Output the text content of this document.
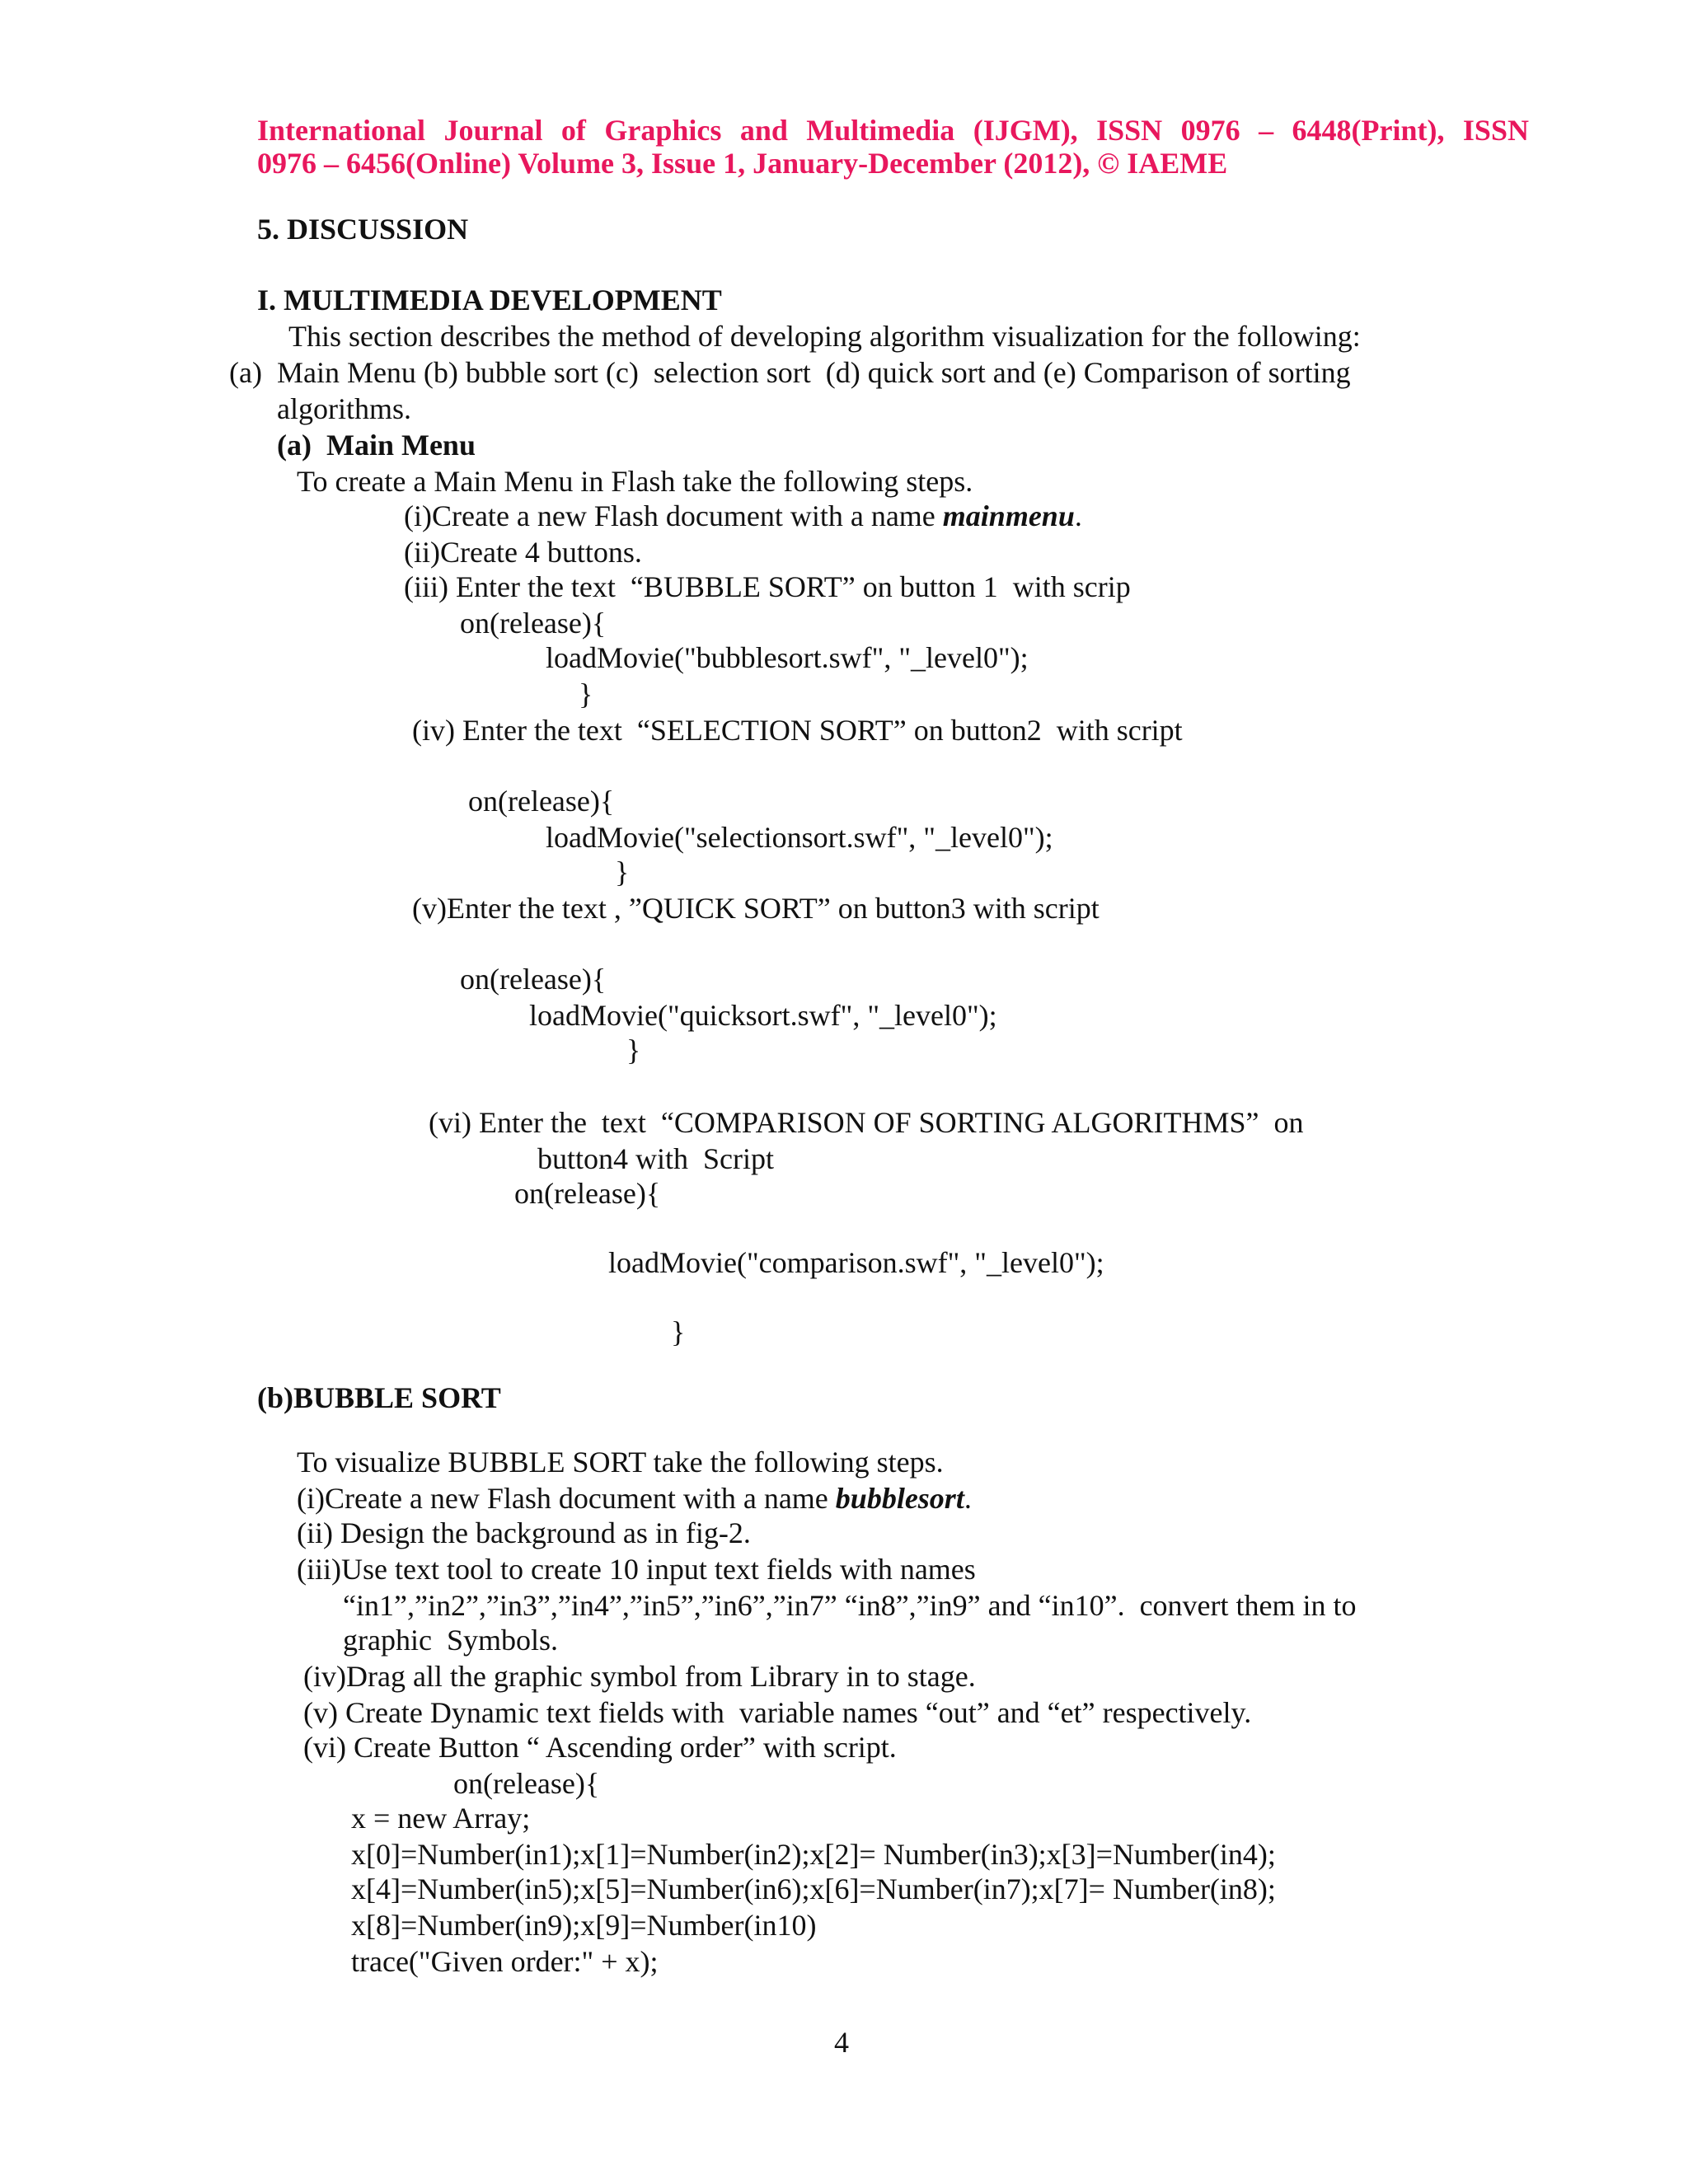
International Journal of Graphics and Multimedia (IJGM), ISSN 0976 – 6448(Print), ISSN
0976 – 6456(Online) Volume 3, Issue 1, January-December (2012), © IAEME
5. DISCUSSION
I. MULTIMEDIA DEVELOPMENT
This section describes the method of developing algorithm visualization for the following:
(a)  Main Menu (b) bubble sort (c)  selection sort  (d) quick sort and (e) Comparison of sorting
algorithms.
(a)  Main Menu
To create a Main Menu in Flash take the following steps.
(i)Create a new Flash document with a name mainmenu.
(ii)Create 4 buttons.
(iii) Enter the text  “BUBBLE SORT” on button 1  with scrip
on(release){
loadMovie("bubblesort.swf", "_level0");
}
(iv) Enter the text  “SELECTION SORT” on button2  with script
on(release){
loadMovie("selectionsort.swf", "_level0");
}
(v)Enter the text , ”QUICK SORT” on button3 with script
on(release){
loadMovie("quicksort.swf", "_level0");
}
(vi) Enter the  text  “COMPARISON OF SORTING ALGORITHMS”  on
button4 with  Script
on(release){
loadMovie("comparison.swf", "_level0");
}
(b)BUBBLE SORT
To visualize BUBBLE SORT take the following steps.
(i)Create a new Flash document with a name bubblesort.
(ii) Design the background as in fig-2.
(iii)Use text tool to create 10 input text fields with names
“in1”,”in2”,”in3”,”in4”,”in5”,”in6”,”in7” “in8”,”in9” and “in10”.  convert them in to
graphic  Symbols.
(iv)Drag all the graphic symbol from Library in to stage.
(v) Create Dynamic text fields with  variable names “out” and “et” respectively.
(vi) Create Button “ Ascending order” with script.
on(release){
x = new Array;
x[0]=Number(in1);x[1]=Number(in2);x[2]= Number(in3);x[3]=Number(in4);
x[4]=Number(in5);x[5]=Number(in6);x[6]=Number(in7);x[7]= Number(in8);
x[8]=Number(in9);x[9]=Number(in10)
trace("Given order:" + x);
4
